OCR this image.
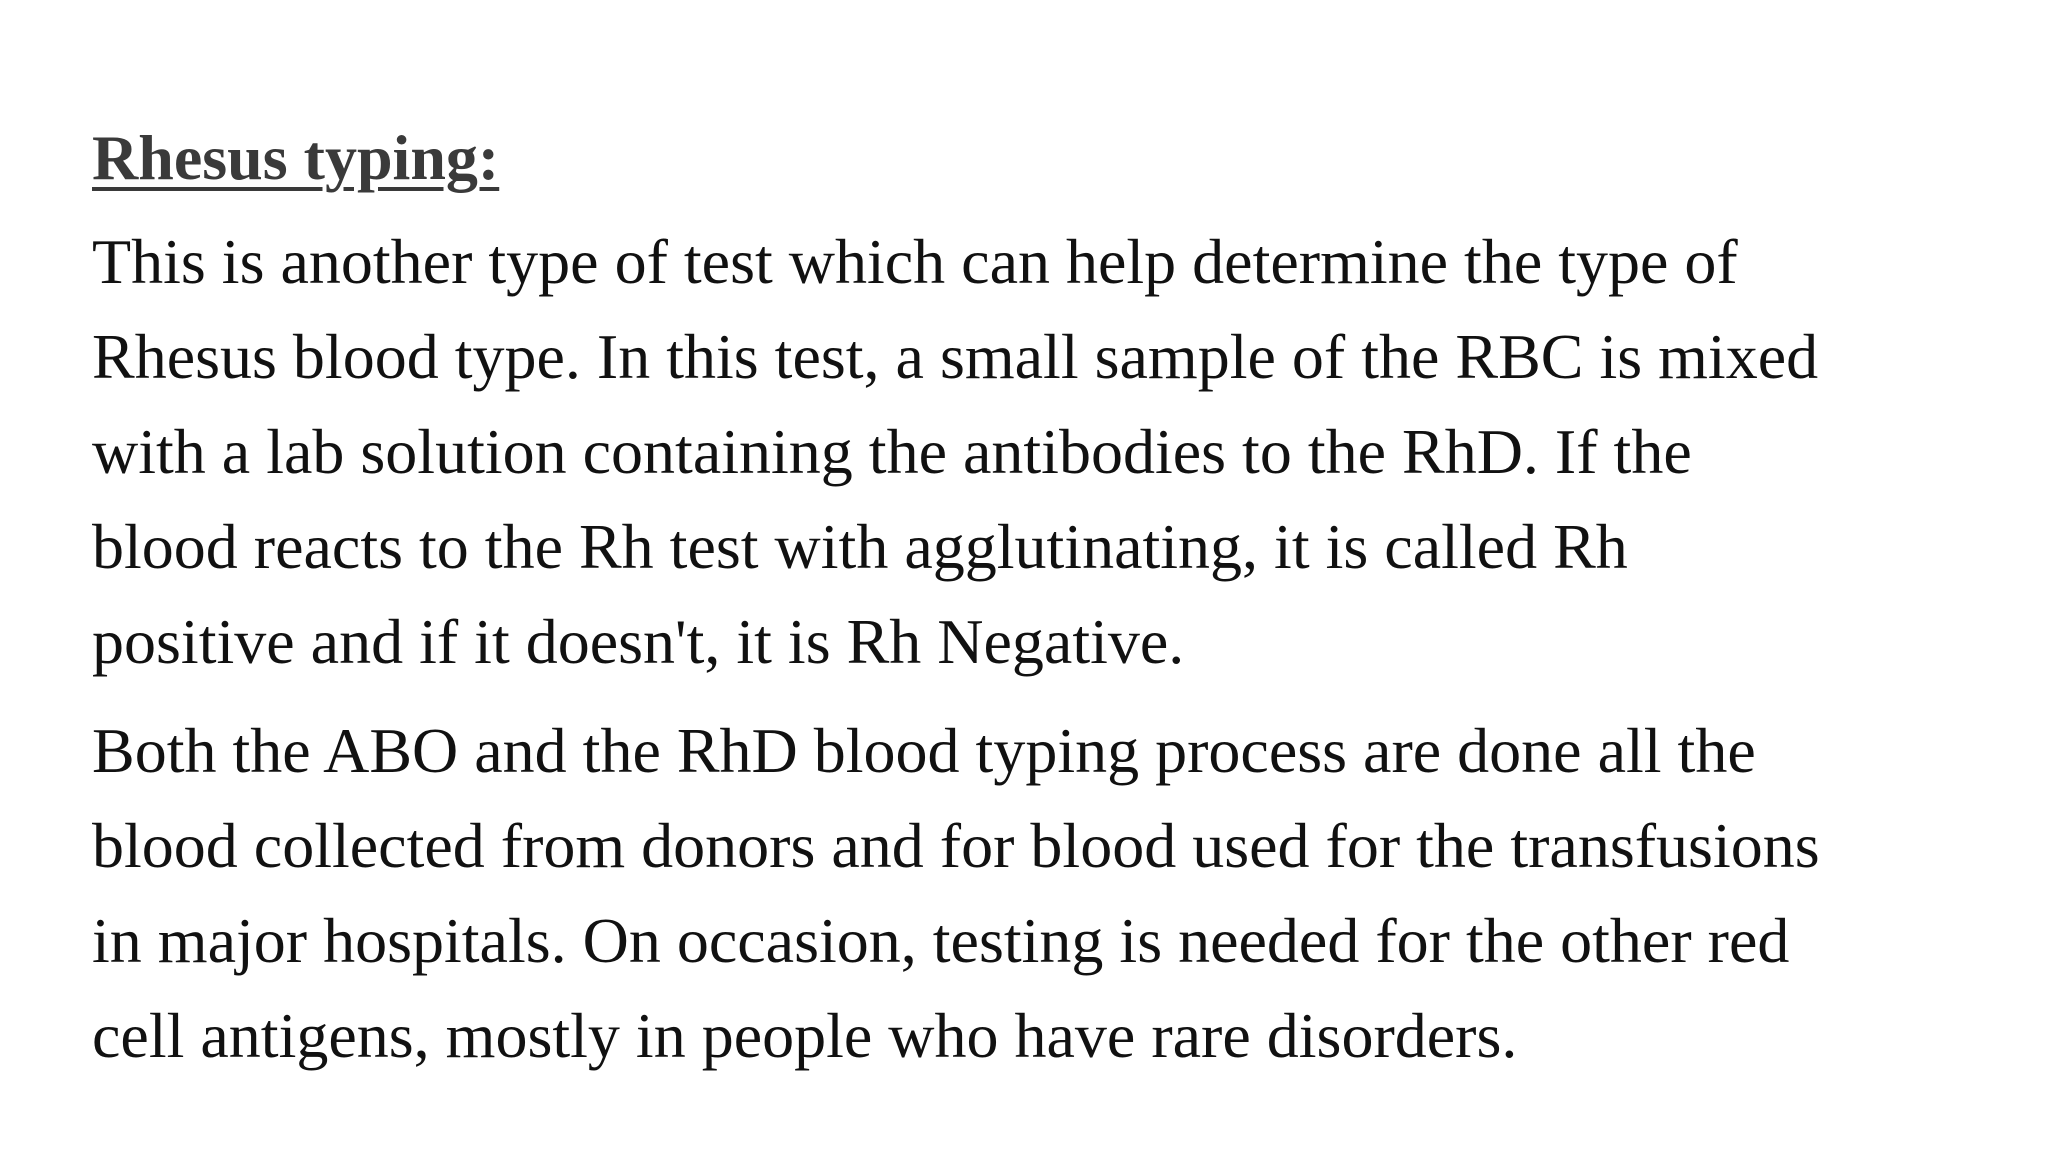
Rhesus typing:

This is another type of test which can help determine the type of
Rhesus blood type. In this test, a small sample of the RBC is mixed
with a lab solution containing the antibodies to the RhD. If the
blood reacts to the Rh test with agglutinating, it is called Rh
positive and if it doesn't, it is Rh Negative.

Both the ABO and the RhD blood typing process are done all the
blood collected from donors and for blood used for the transfusions
in major hospitals. On occasion, testing is needed for the other red
cell antigens, mostly in people who have rare disorders.
